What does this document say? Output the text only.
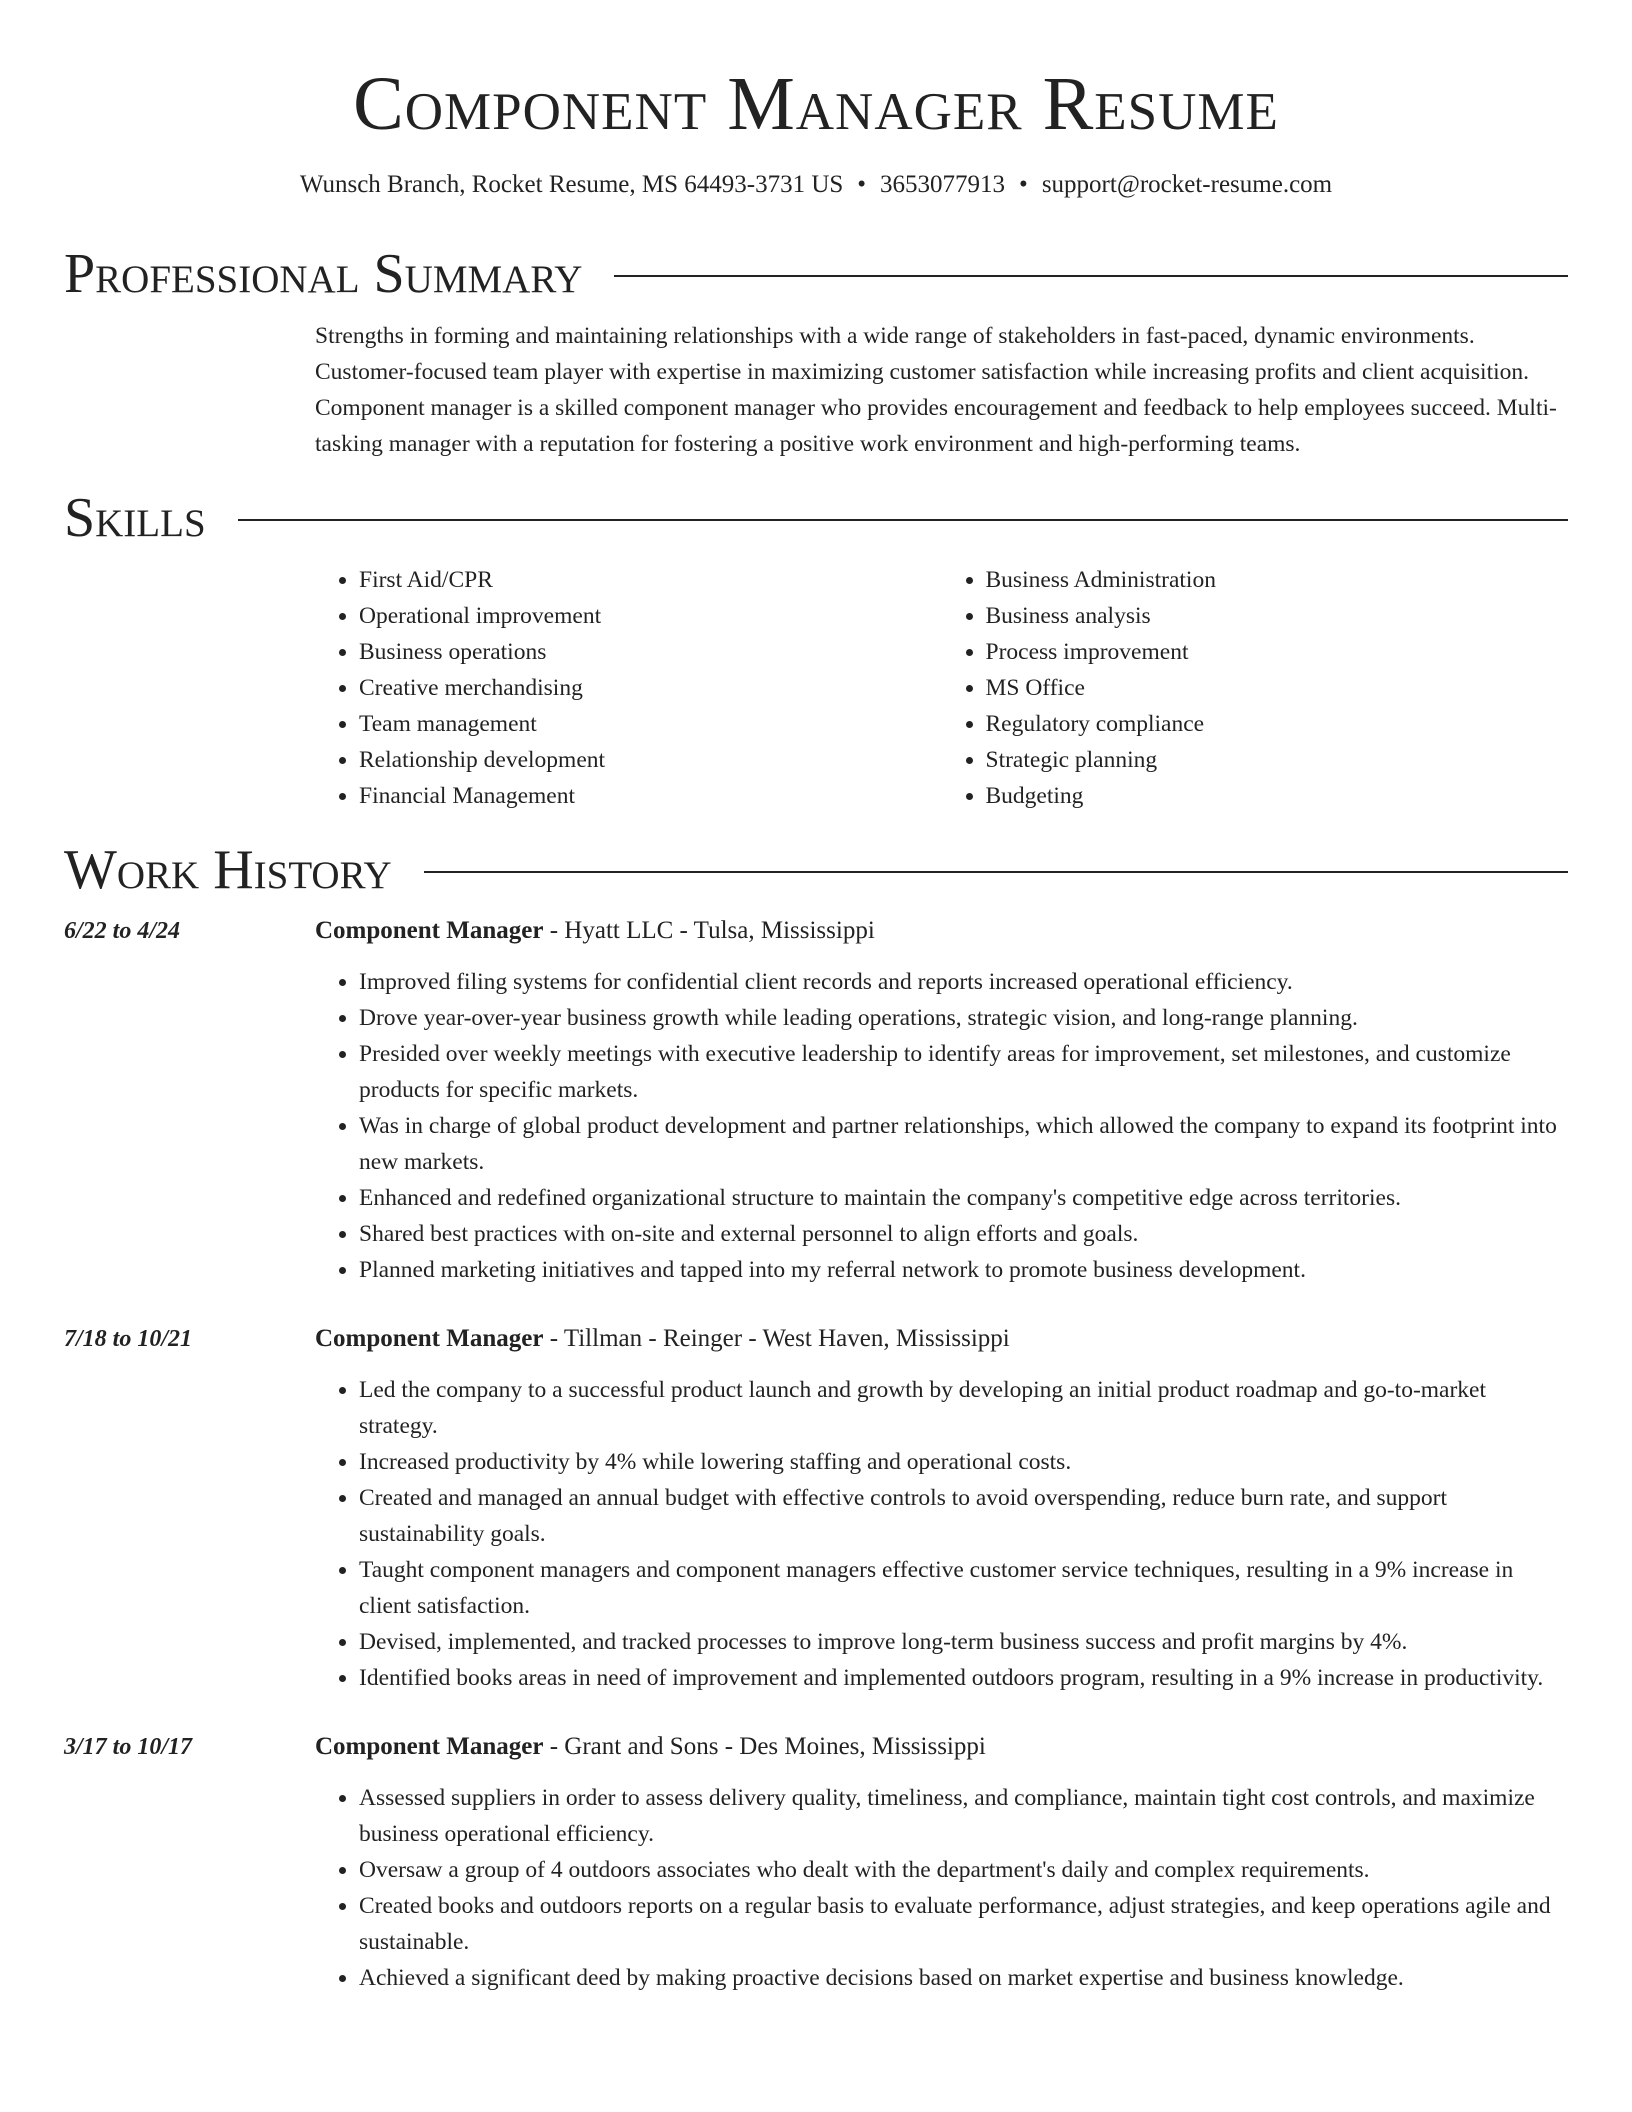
Component Manager Resume
Wunsch Branch, Rocket Resume, MS 64493-3731 US • 3653077913 • support@rocket-resume.com
Professional Summary

Strengths in forming and maintaining relationships with a wide range of stakeholders in fast-paced, dynamic environments. Customer-focused team player with expertise in maximizing customer satisfaction while increasing profits and client acquisition. Component manager is a skilled component manager who provides encouragement and feedback to help employees succeed. Multi-tasking manager with a reputation for fostering a positive work environment and high-performing teams.

Skills
• First Aid/CPR
• Operational improvement
• Business operations
• Creative merchandising
• Team management
• Relationship development
• Financial Management
• Business Administration
• Business analysis
• Process improvement
• MS Office
• Regulatory compliance
• Strategic planning
• Budgeting
Work History
6/22 to 4/24	Component Manager - Hyatt LLC - Tulsa, Mississippi
• Improved filing systems for confidential client records and reports increased operational efficiency.
• Drove year-over-year business growth while leading operations, strategic vision, and long-range planning.
• Presided over weekly meetings with executive leadership to identify areas for improvement, set milestones, and customize products for specific markets.
• Was in charge of global product development and partner relationships, which allowed the company to expand its footprint into new markets.
• Enhanced and redefined organizational structure to maintain the company's competitive edge across territories.
• Shared best practices with on-site and external personnel to align efforts and goals.
• Planned marketing initiatives and tapped into my referral network to promote business development.
7/18 to 10/21	Component Manager - Tillman - Reinger - West Haven, Mississippi
• Led the company to a successful product launch and growth by developing an initial product roadmap and go-to-market strategy.
• Increased productivity by 4% while lowering staffing and operational costs.
• Created and managed an annual budget with effective controls to avoid overspending, reduce burn rate, and support sustainability goals.
• Taught component managers and component managers effective customer service techniques, resulting in a 9% increase in client satisfaction.
• Devised, implemented, and tracked processes to improve long-term business success and profit margins by 4%.
• Identified books areas in need of improvement and implemented outdoors program, resulting in a 9% increase in productivity.
3/17 to 10/17	Component Manager - Grant and Sons - Des Moines, Mississippi
• Assessed suppliers in order to assess delivery quality, timeliness, and compliance, maintain tight cost controls, and maximize business operational efficiency.
• Oversaw a group of 4 outdoors associates who dealt with the department's daily and complex requirements.
• Created books and outdoors reports on a regular basis to evaluate performance, adjust strategies, and keep operations agile and sustainable.
• Achieved a significant deed by making proactive decisions based on market expertise and business knowledge.
